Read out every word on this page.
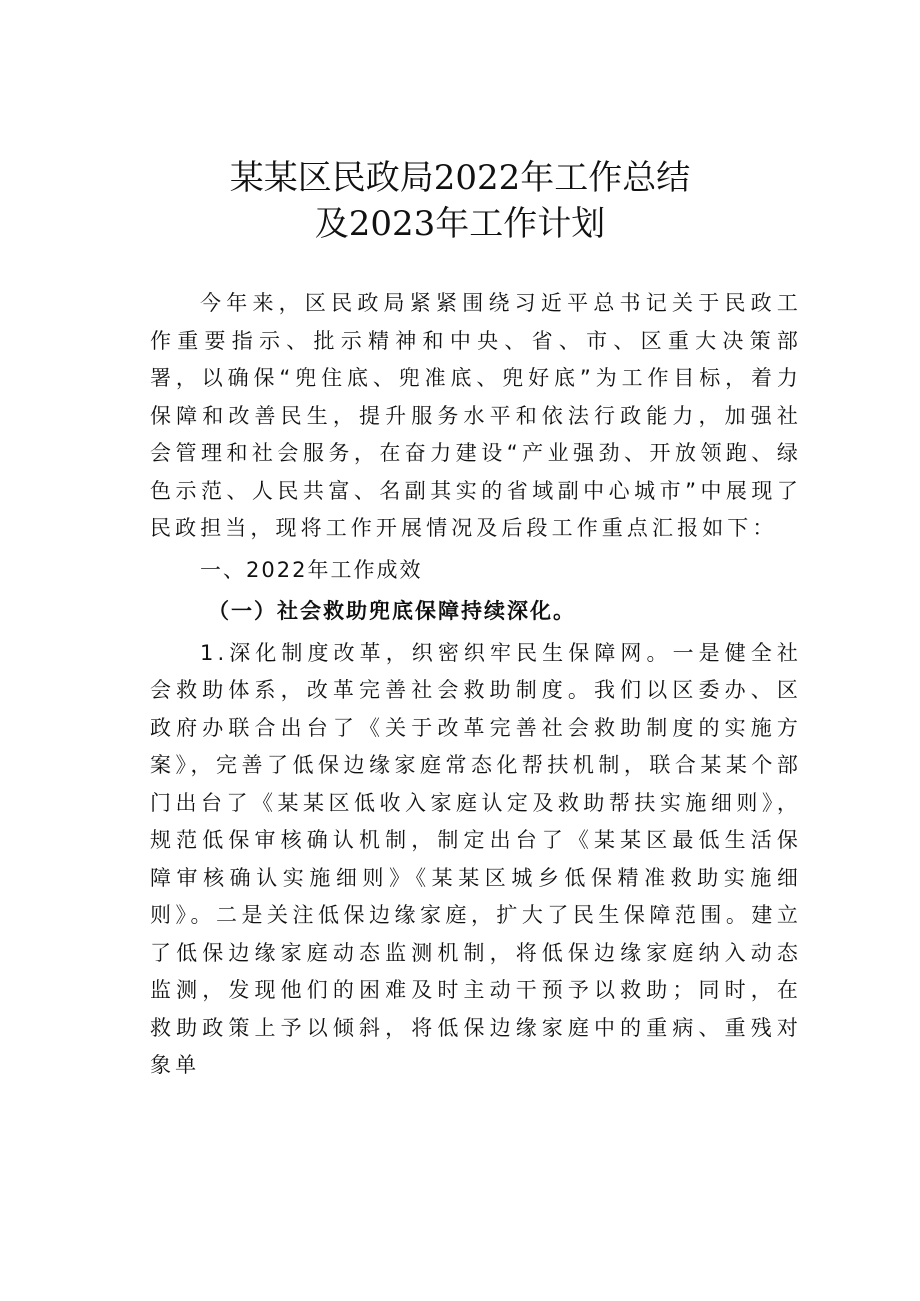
某某区民政局2022年工作总结
及2023年工作计划

今年来，区民政局紧紧围绕习近平总书记关于民政工作重要指示、批示精神和中央、省、市、区重大决策部署，以确保“兜住底、兜准底、兜好底”为工作目标，着力保障和改善民生，提升服务水平和依法行政能力，加强社会管理和社会服务，在奋力建设“产业强劲、开放领跑、绿色示范、人民共富、名副其实的省域副中心城市”中展现了民政担当，现将工作开展情况及后段工作重点汇报如下：

一、2022年工作成效

（一）社会救助兜底保障持续深化。

1.深化制度改革，织密织牢民生保障网。一是健全社会救助体系，改革完善社会救助制度。我们以区委办、区政府办联合出台了《关于改革完善社会救助制度的实施方案》，完善了低保边缘家庭常态化帮扶机制，联合某某个部门出台了《某某区低收入家庭认定及救助帮扶实施细则》，规范低保审核确认机制，制定出台了《某某区最低生活保障审核确认实施细则》《某某区城乡低保精准救助实施细则》。二是关注低保边缘家庭，扩大了民生保障范围。建立了低保边缘家庭动态监测机制，将低保边缘家庭纳入动态监测，发现他们的困难及时主动干预予以救助；同时，在救助政策上予以倾斜，将低保边缘家庭中的重病、重残对象单
